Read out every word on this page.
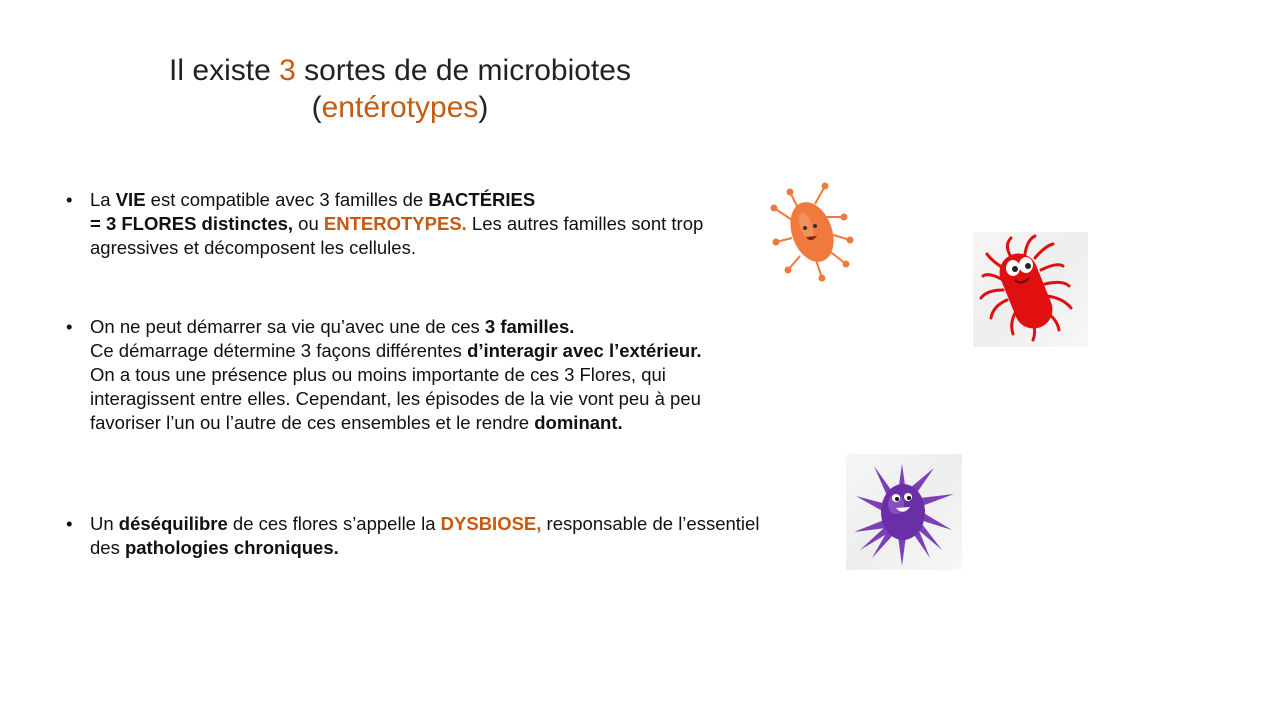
Il existe 3 sortes de de microbiotes
(entérotypes)
• La VIE est compatible avec 3 familles de BACTÉRIES
= 3 FLORES distinctes, ou ENTEROTYPES. Les autres familles sont trop agressives et décomposent les cellules.
• On ne peut démarrer sa vie qu’avec une de ces 3 familles.
Ce démarrage détermine 3 façons différentes d’interagir avec l’extérieur.
On a tous une présence plus ou moins importante de ces 3 Flores, qui interagissent entre elles. Cependant, les épisodes de la vie vont peu à peu favoriser l’un ou l’autre de ces ensembles et le rendre dominant.
• Un déséquilibre de ces flores s’appelle la DYSBIOSE, responsable de l’essentiel des pathologies chroniques.
